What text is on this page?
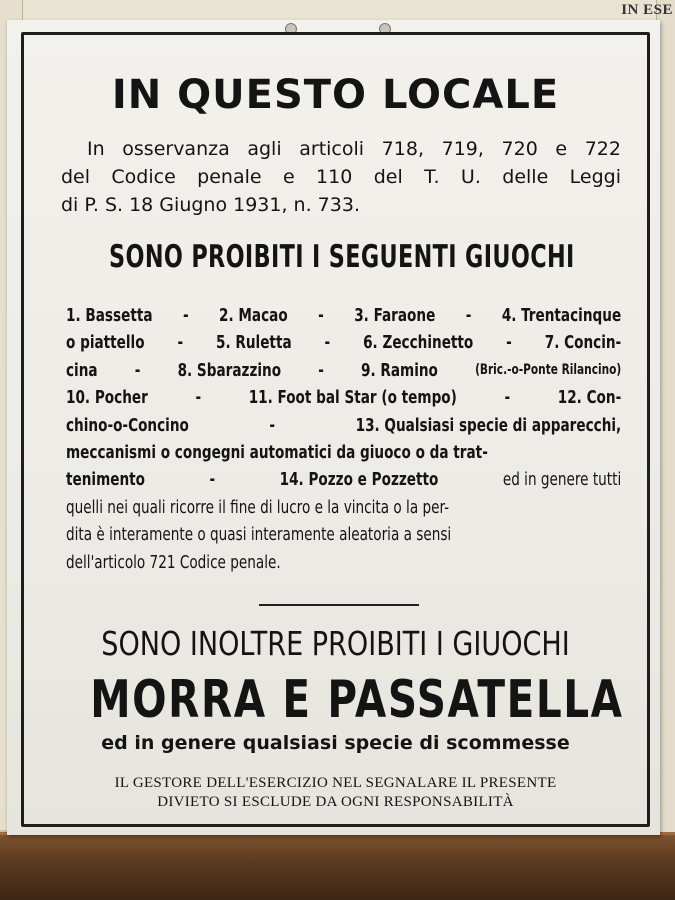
IN ESE
IN QUESTO LOCALE
In osservanza agli articoli 718, 719, 720 e 722
del Codice penale e 110 del T. U. delle Leggi
di P. S. 18 Giugno 1931, n. 733.
SONO PROIBITI I SEGUENTI GIUOCHI
1. Bassetta - 2. Macao - 3. Faraone - 4. Trentacinque
o piattello - 5. Ruletta - 6. Zecchinetto - 7. Concin-
cina - 8. Sbarazzino - 9. Ramino	(Bric.-o-Ponte Rilancino)
10. Pocher	-	11. Foot bal Star (o tempo)	-	12. Con-
chino-o-Concino	-	13. Qualsiasi specie di apparecchi,
meccanismi o congegni automatici da giuoco o da trat-
tenimento	-	14. Pozzo e Pozzetto	ed in genere tutti
quelli nei quali ricorre il fine di lucro e la vincita o la per-
dita è interamente o quasi interamente aleatoria a sensi
dell'articolo 721 Codice penale.
SONO INOLTRE PROIBITI I GIUOCHI
MORRA E PASSATELLA
ed in genere qualsiasi specie di scommesse
IL GESTORE DELL'ESERCIZIO NEL SEGNALARE IL PRESENTE
DIVIETO SI ESCLUDE DA OGNI RESPONSABILITÀ
